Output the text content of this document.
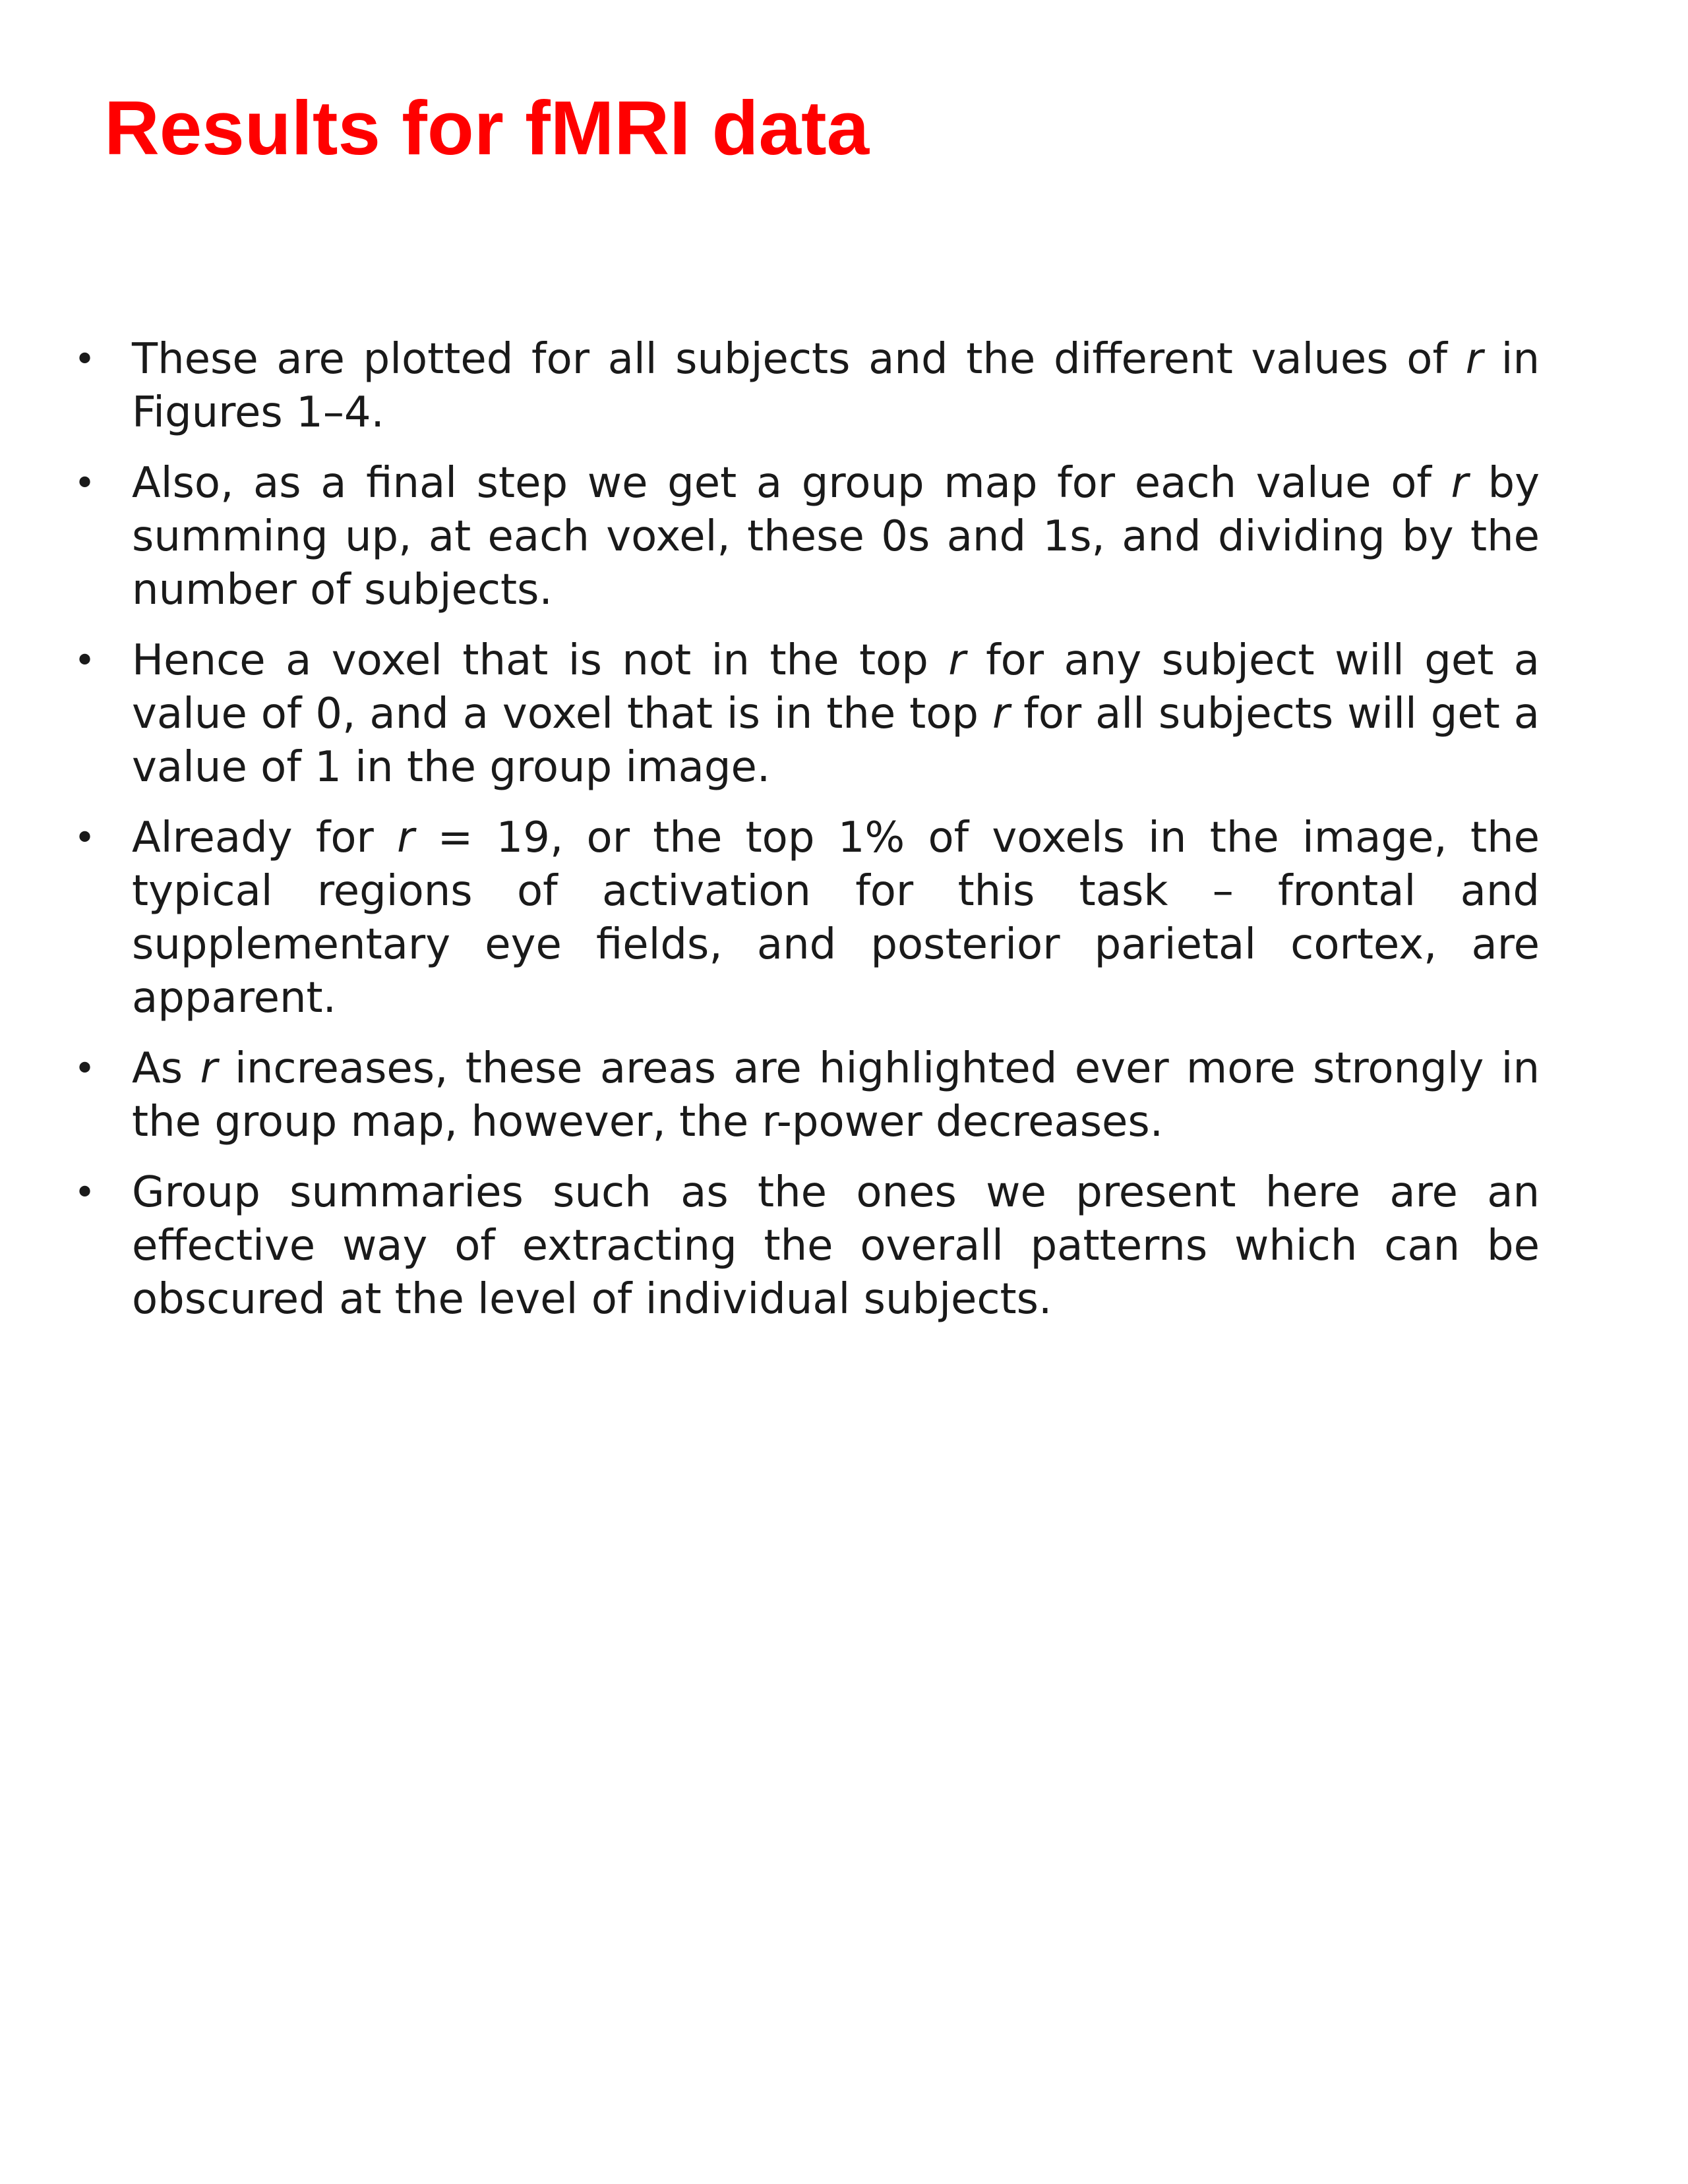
Results for fMRI data
• These are plotted for all subjects and the different values of r in Figures 1–4.
• Also, as a final step we get a group map for each value of r by summing up, at each voxel, these 0s and 1s, and dividing by the number of subjects.
• Hence a voxel that is not in the top r for any subject will get a value of 0, and a voxel that is in the top r for all subjects will get a value of 1 in the group image.
• Already for r = 19, or the top 1% of voxels in the image, the typical regions of activation for this task – frontal and supplementary eye fields, and posterior parietal cortex, are apparent.
• As r increases, these areas are highlighted ever more strongly in the group map, however, the r-power decreases.
• Group summaries such as the ones we present here are an effective way of extracting the overall patterns which can be obscured at the level of individual subjects.
